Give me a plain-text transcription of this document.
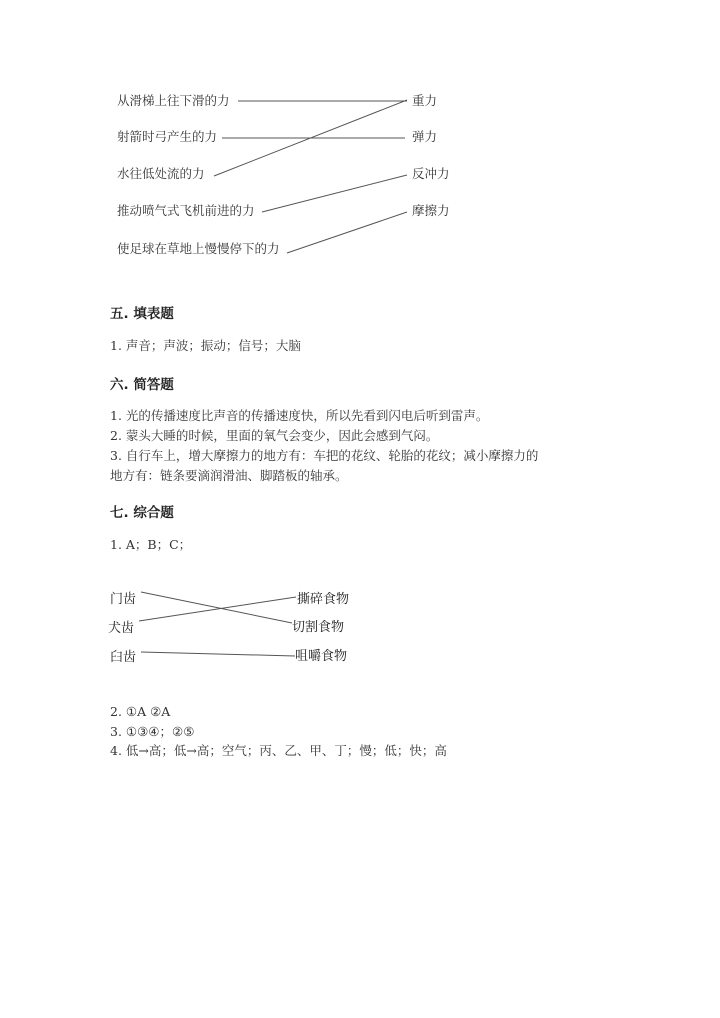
从滑梯上往下滑的力
射箭时弓产生的力
水往低处流的力
推动喷气式飞机前进的力
使足球在草地上慢慢停下的力
重力
弹力
反冲力
摩擦力
五. 填表题
1. 声音；声波；振动；信号；大脑
六. 简答题
1. 光的传播速度比声音的传播速度快，所以先看到闪电后听到雷声。
2. 蒙头大睡的时候，里面的氧气会变少，因此会感到气闷。
3. 自行车上，增大摩擦力的地方有：车把的花纹、轮胎的花纹；减小摩擦力的
地方有：链条要滴润滑油、脚踏板的轴承。
七. 综合题
1. A；B；C；
门齿
犬齿
臼齿
撕碎食物
切割食物
咀嚼食物
2. ①A ②A
3. ①③④；②⑤
4. 低→高；低→高；空气；丙、乙、甲、丁；慢；低；快；高
